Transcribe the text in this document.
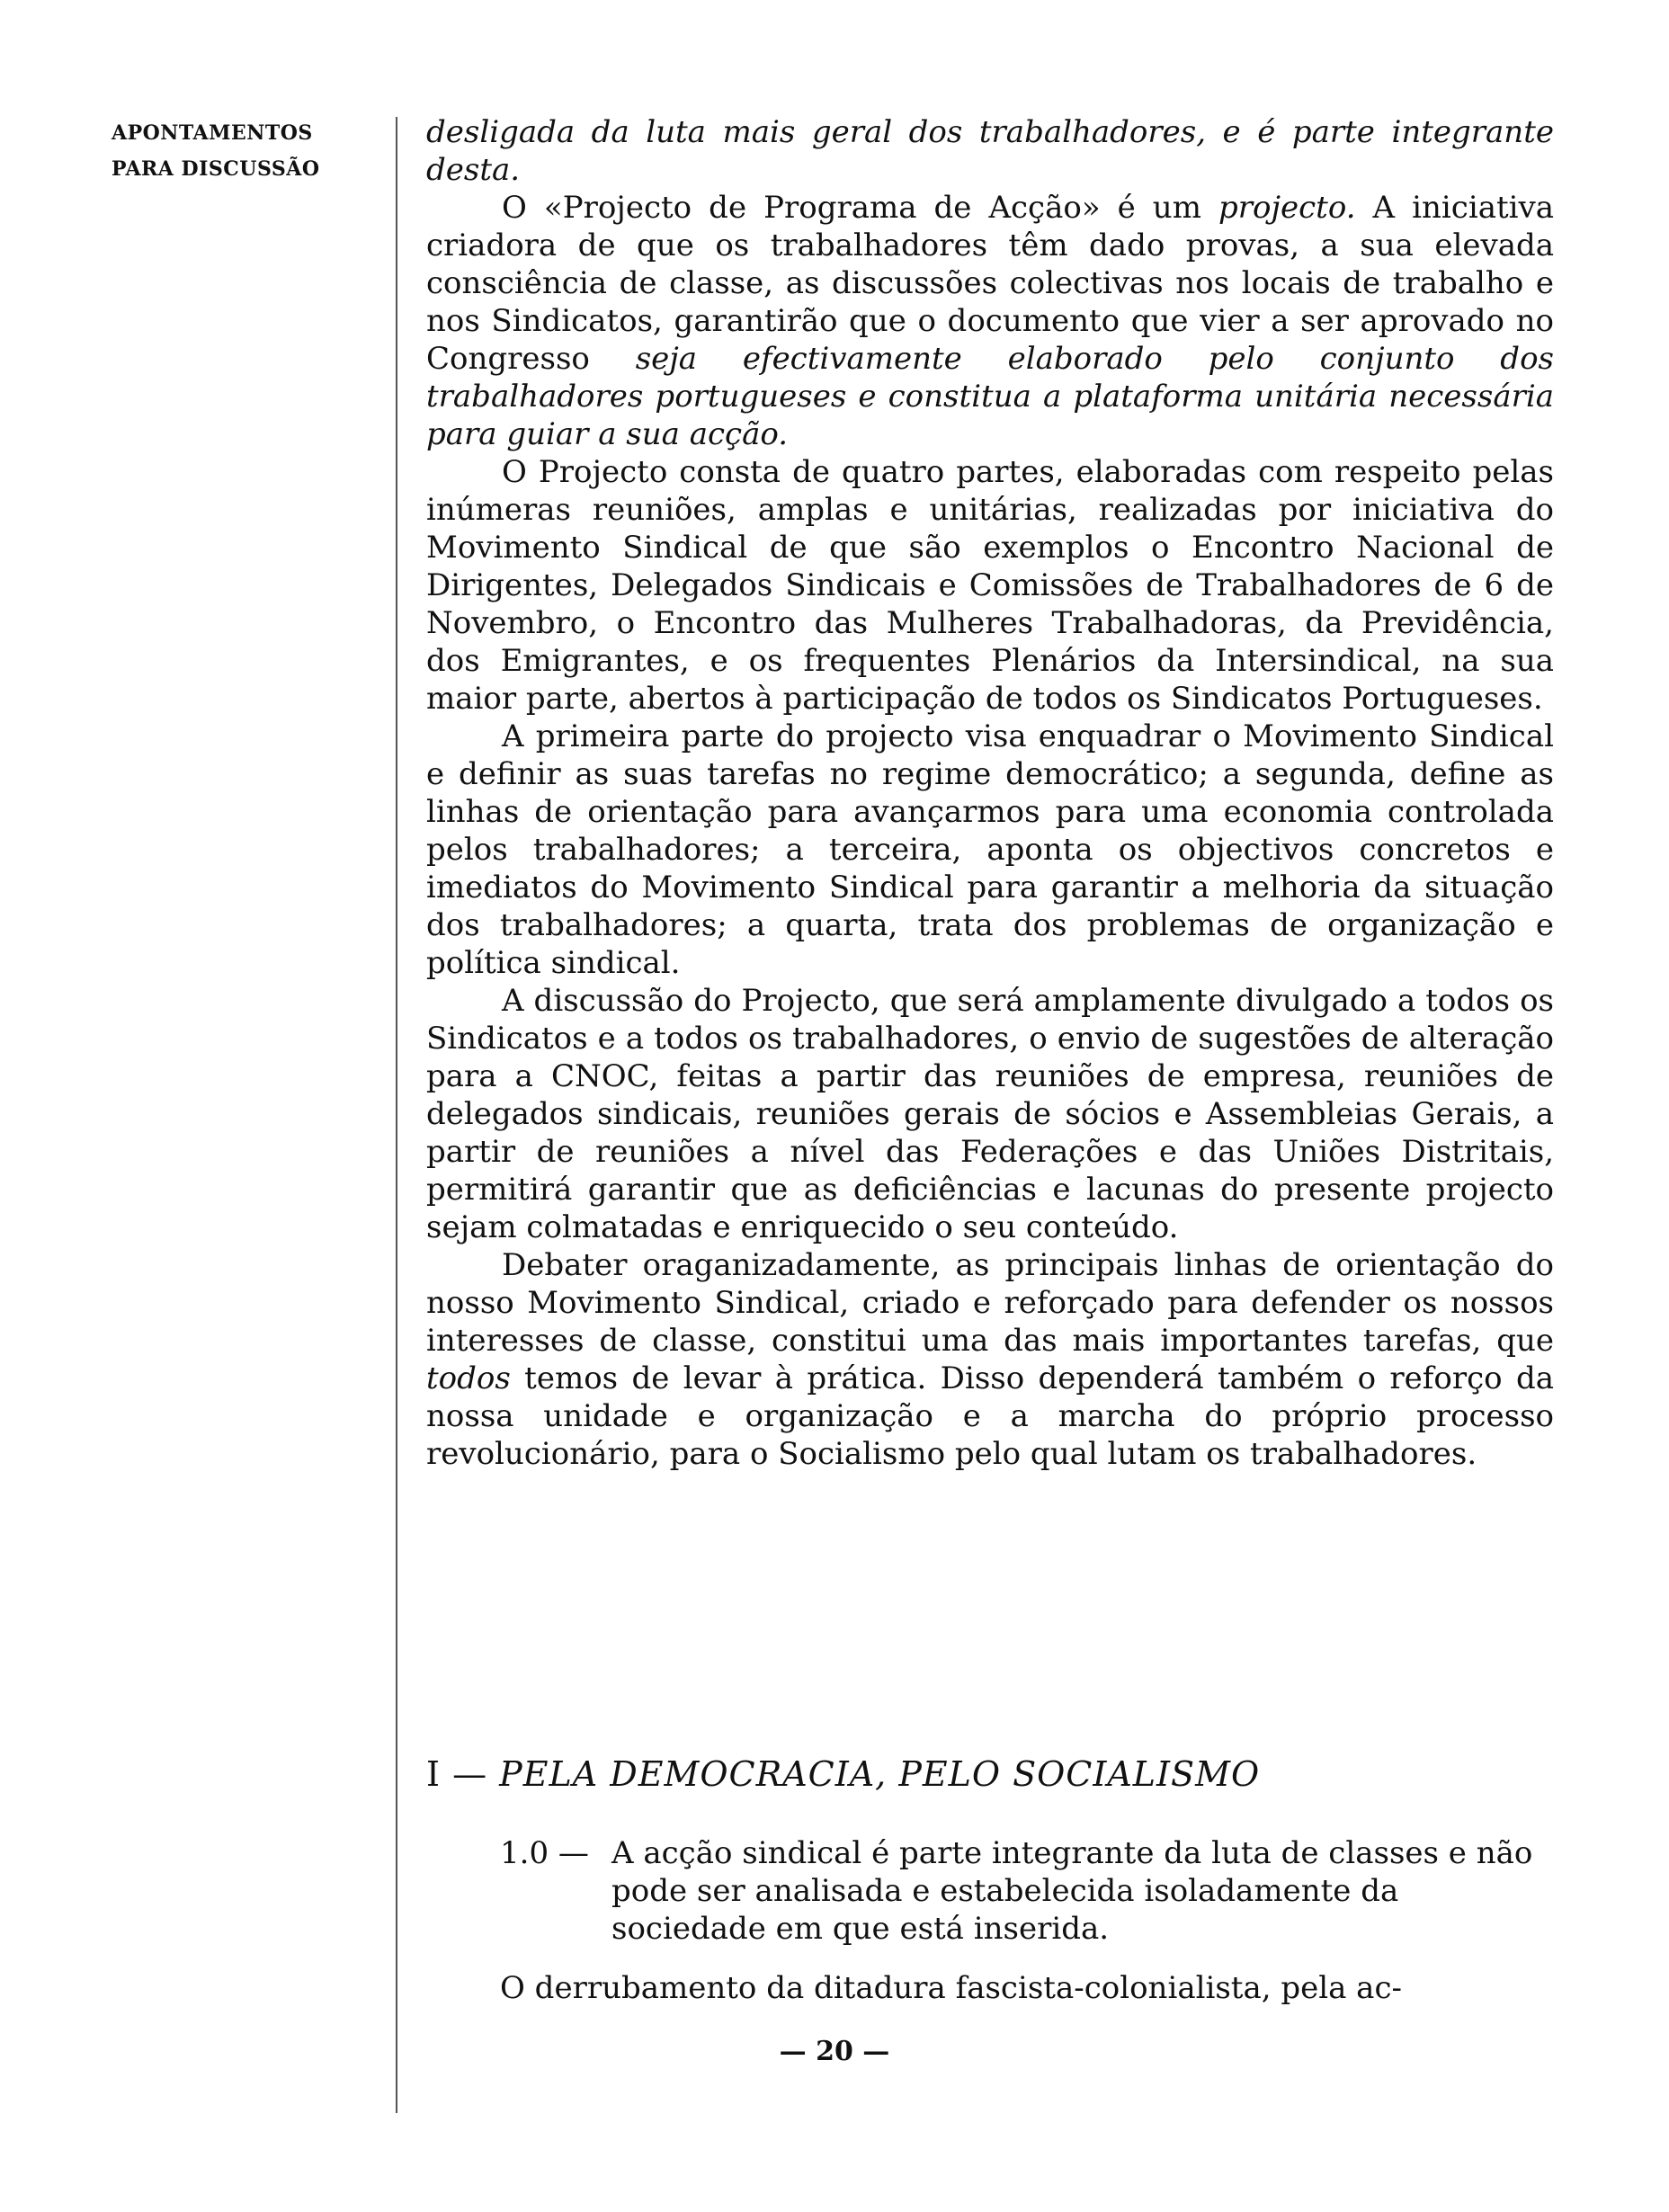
APONTAMENTOS
PARA DISCUSSÃO

desligada da luta mais geral dos trabalhadores, e é parte integrante desta.

O «Projecto de Programa de Acção» é um projecto. A iniciativa criadora de que os trabalhadores têm dado provas, a sua elevada consciência de classe, as discussões colectivas nos locais de trabalho e nos Sindicatos, garantirão que o documento que vier a ser aprovado no Congresso seja efectivamente elaborado pelo conjunto dos trabalhadores portugueses e constitua a plataforma unitária necessária para guiar a sua acção.

O Projecto consta de quatro partes, elaboradas com respeito pelas inúmeras reuniões, amplas e unitárias, realizadas por iniciativa do Movimento Sindical de que são exemplos o Encontro Nacional de Dirigentes, Delegados Sindicais e Comissões de Trabalhadores de 6 de Novembro, o Encontro das Mulheres Trabalhadoras, da Previdência, dos Emigrantes, e os frequentes Plenários da Intersindical, na sua maior parte, abertos à participação de todos os Sindicatos Portugueses.

A primeira parte do projecto visa enquadrar o Movimento Sindical e definir as suas tarefas no regime democrático; a segunda, define as linhas de orientação para avançarmos para uma economia controlada pelos trabalhadores; a terceira, aponta os objectivos concretos e imediatos do Movimento Sindical para garantir a melhoria da situação dos trabalhadores; a quarta, trata dos problemas de organização e política sindical.

A discussão do Projecto, que será amplamente divulgado a todos os Sindicatos e a todos os trabalhadores, o envio de sugestões de alteração para a CNOC, feitas a partir das reuniões de empresa, reuniões de delegados sindicais, reuniões gerais de sócios e Assembleias Gerais, a partir de reuniões a nível das Federações e das Uniões Distritais, permitirá garantir que as deficiências e lacunas do presente projecto sejam colmatadas e enriquecido o seu conteúdo.

Debater oraganizadamente, as principais linhas de orientação do nosso Movimento Sindical, criado e reforçado para defender os nossos interesses de classe, constitui uma das mais importantes tarefas, que todos temos de levar à prática. Disso dependerá também o reforço da nossa unidade e organização e a marcha do próprio processo revolucionário, para o Socialismo pelo qual lutam os trabalhadores.

I — PELA DEMOCRACIA, PELO SOCIALISMO
1.0 — A acção sindical é parte integrante da luta de classes e não pode ser analisada e estabelecida isoladamente da sociedade em que está inserida.
O derrubamento da ditadura fascista-colonialista, pela ac-
— 20 —
